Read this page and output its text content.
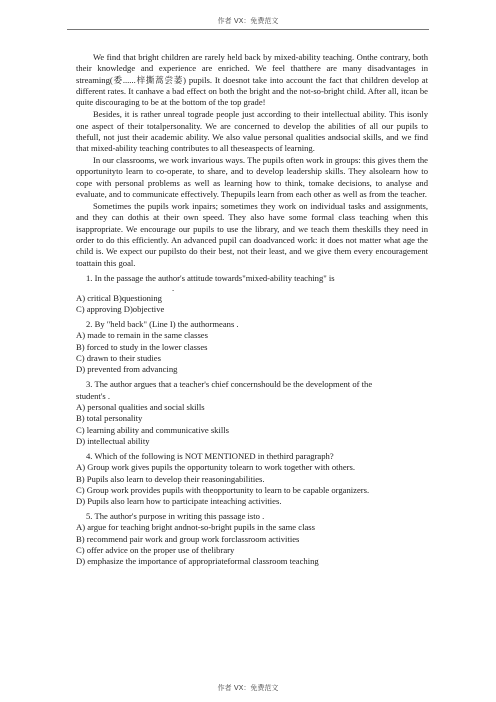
作者 VX：免费范文

We find that bright children are rarely held back by mixed-ability teaching. Onthe contrary, both their knowledge and experience are enriched. We feel thatthere are many disadvantages in streaming(委......梓撕蒿尝萎) pupils. It doesnot take into account the fact that children develop at different rates. It canhave a bad effect on both the bright and the not-so-bright child. After all, itcan be quite discouraging to be at the bottom of the top grade!

Besides, it is rather unreal tograde people just according to their intellectual ability. This isonly one aspect of their totalpersonality. We are concerned to develop the abilities of all our pupils to thefull, not just their academic ability. We also value personal qualities andsocial skills, and we find that mixed-ability teaching contributes to all theseaspects of learning.

In our classrooms, we work invarious ways. The pupils often work in groups: this gives them the opportunityto learn to co-operate, to share, and to develop leadership skills. They alsolearn how to cope with personal problems as well as learning how to think, tomake decisions, to analyse and evaluate, and to communicate effectively. Thepupils learn from each other as well as from the teacher.

Sometimes the pupils work inpairs; sometimes they work on individual tasks and assignments, and they can dothis at their own speed. They also have some formal class teaching when this isappropriate. We encourage our pupils to use the library, and we teach them theskills they need in order to do this efficiently. An advanced pupil can doadvanced work: it does not matter what age the child is. We expect our pupilsto do their best, not their least, and we give them every encouragement toattain this goal.

1. In the passage the author's attitude towards"mixed-ability teaching" is

.

A) critical B)questioning

C) approving D)objective

2. By "held back" (Line I) the authormeans .

A) made to remain in the same classes

B) forced to study in the lower classes

C) drawn to their studies

D) prevented from advancing

3. The author argues that a teacher's chief concernshould be the development of the

student's .

A) personal qualities and social skills

B) total personality

C) learning ability and communicative skills

D) intellectual ability

4. Which of the following is NOT MENTIONED in thethird paragraph?

A) Group work gives pupils the opportunity tolearn to work together with others.

B) Pupils also learn to develop their reasoningabilities.

C) Group work provides pupils with theopportunity to learn to be capable organizers.

D) Pupils also learn how to participate inteaching activities.

5. The author's purpose in writing this passage isto .

A) argue for teaching bright andnot-so-bright pupils in the same class

B) recommend pair work and group work forclassroom activities

C) offer advice on the proper use of thelibrary

D) emphasize the importance of appropriateformal classroom teaching

作者 VX：免费范文
